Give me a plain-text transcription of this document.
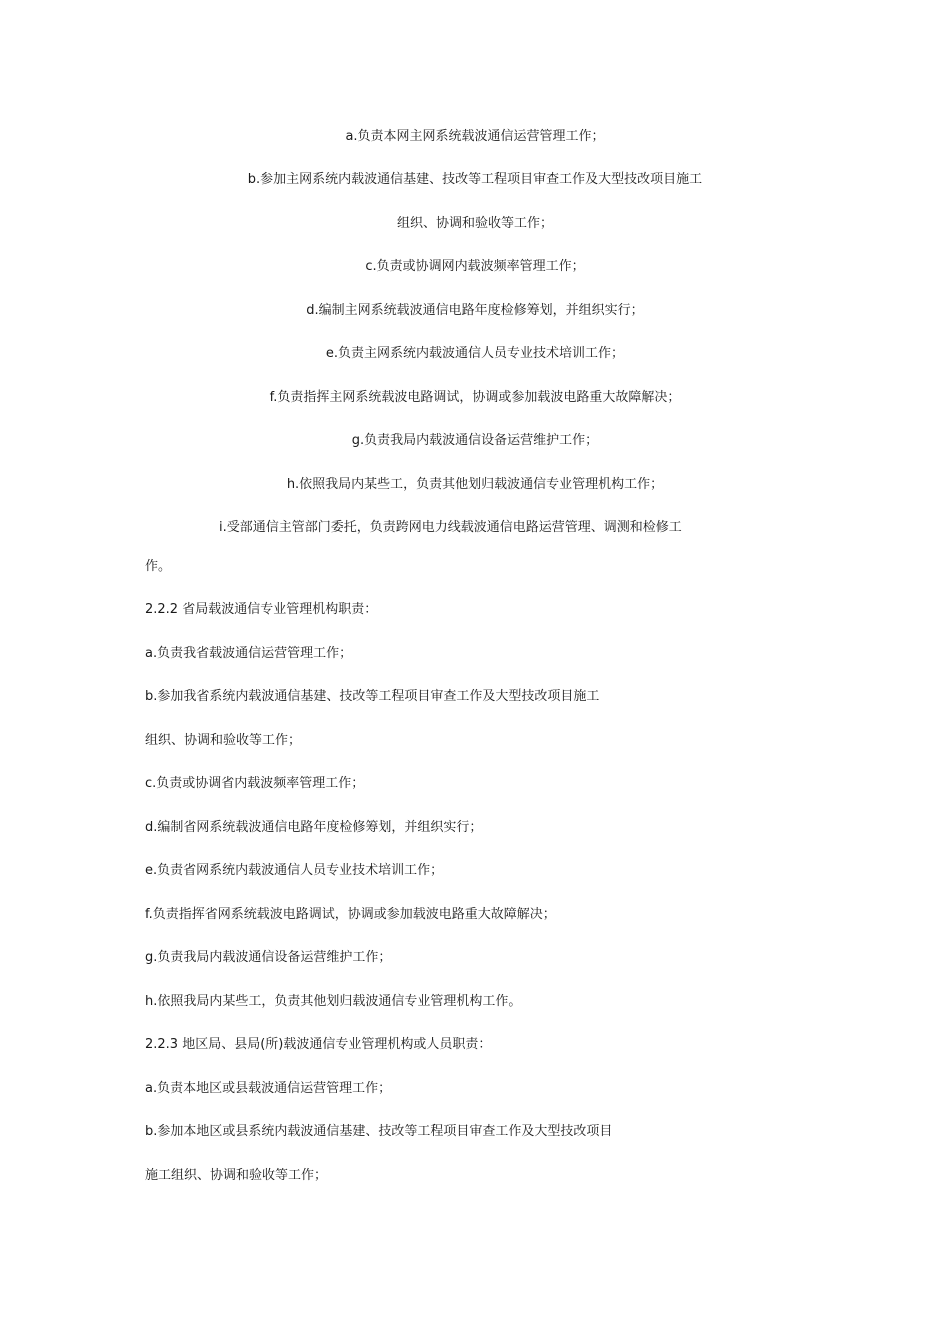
a.负责本网主网系统载波通信运营管理工作；
b.参加主网系统内载波通信基建、技改等工程项目审查工作及大型技改项目施工
组织、协调和验收等工作；
c.负责或协调网内载波频率管理工作；
d.编制主网系统载波通信电路年度检修筹划，并组织实行；
e.负责主网系统内载波通信人员专业技术培训工作；
f.负责指挥主网系统载波电路调试，协调或参加载波电路重大故障解决；
g.负责我局内载波通信设备运营维护工作；
h.依照我局内某些工，负责其他划归载波通信专业管理机构工作；
i.受部通信主管部门委托，负责跨网电力线载波通信电路运营管理、调测和检修工
作。
2.2.2 省局载波通信专业管理机构职责：
a.负责我省载波通信运营管理工作；
b.参加我省系统内载波通信基建、技改等工程项目审查工作及大型技改项目施工
组织、协调和验收等工作；
c.负责或协调省内载波频率管理工作；
d.编制省网系统载波通信电路年度检修筹划，并组织实行；
e.负责省网系统内载波通信人员专业技术培训工作；
f.负责指挥省网系统载波电路调试，协调或参加载波电路重大故障解决；
g.负责我局内载波通信设备运营维护工作；
h.依照我局内某些工，负责其他划归载波通信专业管理机构工作。
2.2.3 地区局、县局(所)载波通信专业管理机构或人员职责：
a.负责本地区或县载波通信运营管理工作；
b.参加本地区或县系统内载波通信基建、技改等工程项目审查工作及大型技改项目
施工组织、协调和验收等工作；
